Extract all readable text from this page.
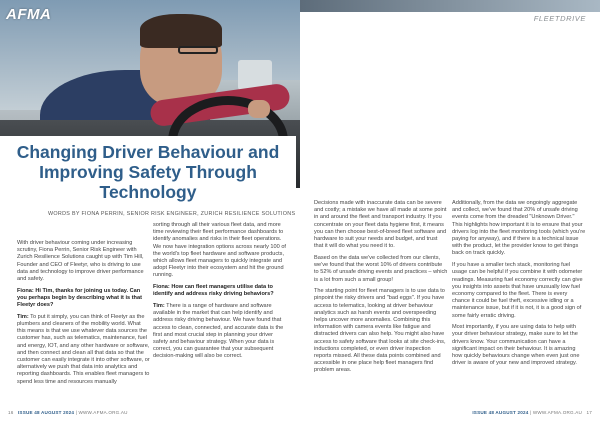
AFMA	FLEETDRIVE
Changing Driver Behaviour and Improving Safety Through Technology
WORDS BY FIONA PERRIN, SENIOR RISK ENGINEER, ZURICH RESILIENCE SOLUTIONS

With driver behaviour coming under increasing scrutiny, Fiona Perrin, Senior Risk Engineer with Zurich Resilience Solutions caught up with Tim Hill, Founder and CEO of Fleetyr, who is driving to use data and technology to improve driver performance and safety.

Fiona: Hi Tim, thanks for joining us today. Can you perhaps begin by describing what it is that Fleetyr does?

Tim: To put it simply, you can think of Fleetyr as the plumbers and cleaners of the mobility world. What this means is that we use whatever data sources the customer has, such as telematics, maintenance, fuel and energy, IOT, and any other hardware or software, and then connect and clean all that data so that the customer can easily integrate it into other software, or alternatively we push that data into analytics and reporting dashboards. This enables fleet managers to spend less time and resources manually

sorting through all their various fleet data, and more time reviewing their fleet performance dashboards to identify anomalies and risks in their fleet operations. We now have integration options across nearly 100 of the world's top fleet hardware and software products, which allows fleet managers to quickly integrate and adopt Fleetyr into their ecosystem and hit the ground running.

Fiona: How can fleet managers utilise data to identify and address risky driving behaviors?

Tim: There is a range of hardware and software available in the market that can help identify and address risky driving behaviour. We have found that access to clean, connected, and accurate data is the first and most crucial step in planning your driver safety and behaviour strategy. When your data is correct, you can guarantee that your subsequent decision-making will also be correct.

Decisions made with inaccurate data can be severe and costly; a mistake we have all made at some point in and around the fleet and transport industry. If you concentrate on your fleet data hygiene first, it means you can then choose best-of-breed fleet software and hardware to suit your needs and budget, and trust that it will do what you need it to.

Based on the data we've collected from our clients, we've found that the worst 10% of drivers contribute to 52% of unsafe driving events and practices – which is a lot from such a small group!

The starting point for fleet managers is to use data to pinpoint the risky drivers and "bad eggs". If you have access to telematics, looking at driver behaviour analytics such as harsh events and overspeeding helps uncover more anomalies. Combining this information with camera events like fatigue and distracted drivers can also help. You might also have access to safety software that looks at site check-ins, inductions completed, or even driver inspection reports missed. All these data points combined and accessible in one place help fleet managers find problem areas.

Additionally, from the data we ongoingly aggregate and collect, we've found that 20% of unsafe driving events come from the dreaded "Unknown Driver." This highlights how important it is to ensure that your drivers log into the fleet monitoring tools (which you're paying for anyway), and if there is a technical issue with the product, let the provider know to get things back on track quickly.

If you have a smaller tech stack, monitoring fuel usage can be helpful if you combine it with odometer readings. Measuring fuel economy correctly can give you insights into assets that have unusually low fuel economy compared to the fleet. There is every chance it could be fuel theft, excessive idling or a maintenance issue, but if it is not, it is a good sign of some fairly erratic driving.

Most importantly, if you are using data to help with your driver behaviour strategy, make sure to let the drivers know. Your communication can have a significant impact on their behaviour. It is amazing how quickly behaviours change when even just one driver is aware of your new and improved strategy.

16 ISSUE 48 AUGUST 2024 | WWW.AFMA.ORG.AU	ISSUE 48 AUGUST 2024 | WWW.AFMA.ORG.AU 17
